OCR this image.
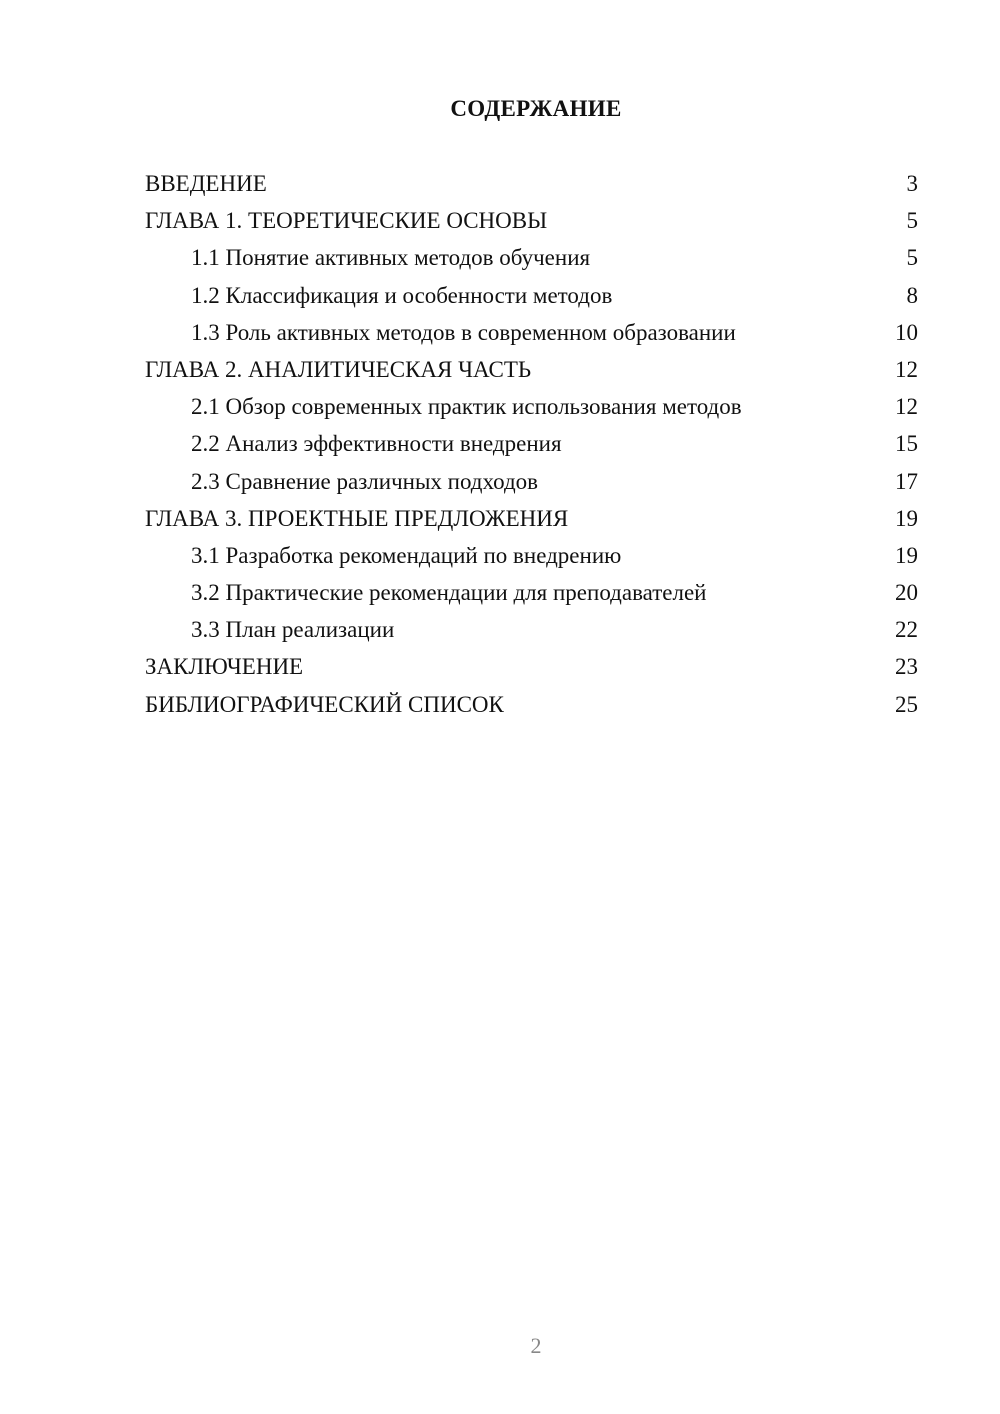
СОДЕРЖАНИЕ
ВВЕДЕНИЕ	3
ГЛАВА 1. ТЕОРЕТИЧЕСКИЕ ОСНОВЫ	5
1.1 Понятие активных методов обучения	5
1.2 Классификация и особенности методов	8
1.3 Роль активных методов в современном образовании	10
ГЛАВА 2. АНАЛИТИЧЕСКАЯ ЧАСТЬ	12
2.1 Обзор современных практик использования методов	12
2.2 Анализ эффективности внедрения	15
2.3 Сравнение различных подходов	17
ГЛАВА 3. ПРОЕКТНЫЕ ПРЕДЛОЖЕНИЯ	19
3.1 Разработка рекомендаций по внедрению	19
3.2 Практические рекомендации для преподавателей	20
3.3 План реализации	22
ЗАКЛЮЧЕНИЕ	23
БИБЛИОГРАФИЧЕСКИЙ СПИСОК	25
2
